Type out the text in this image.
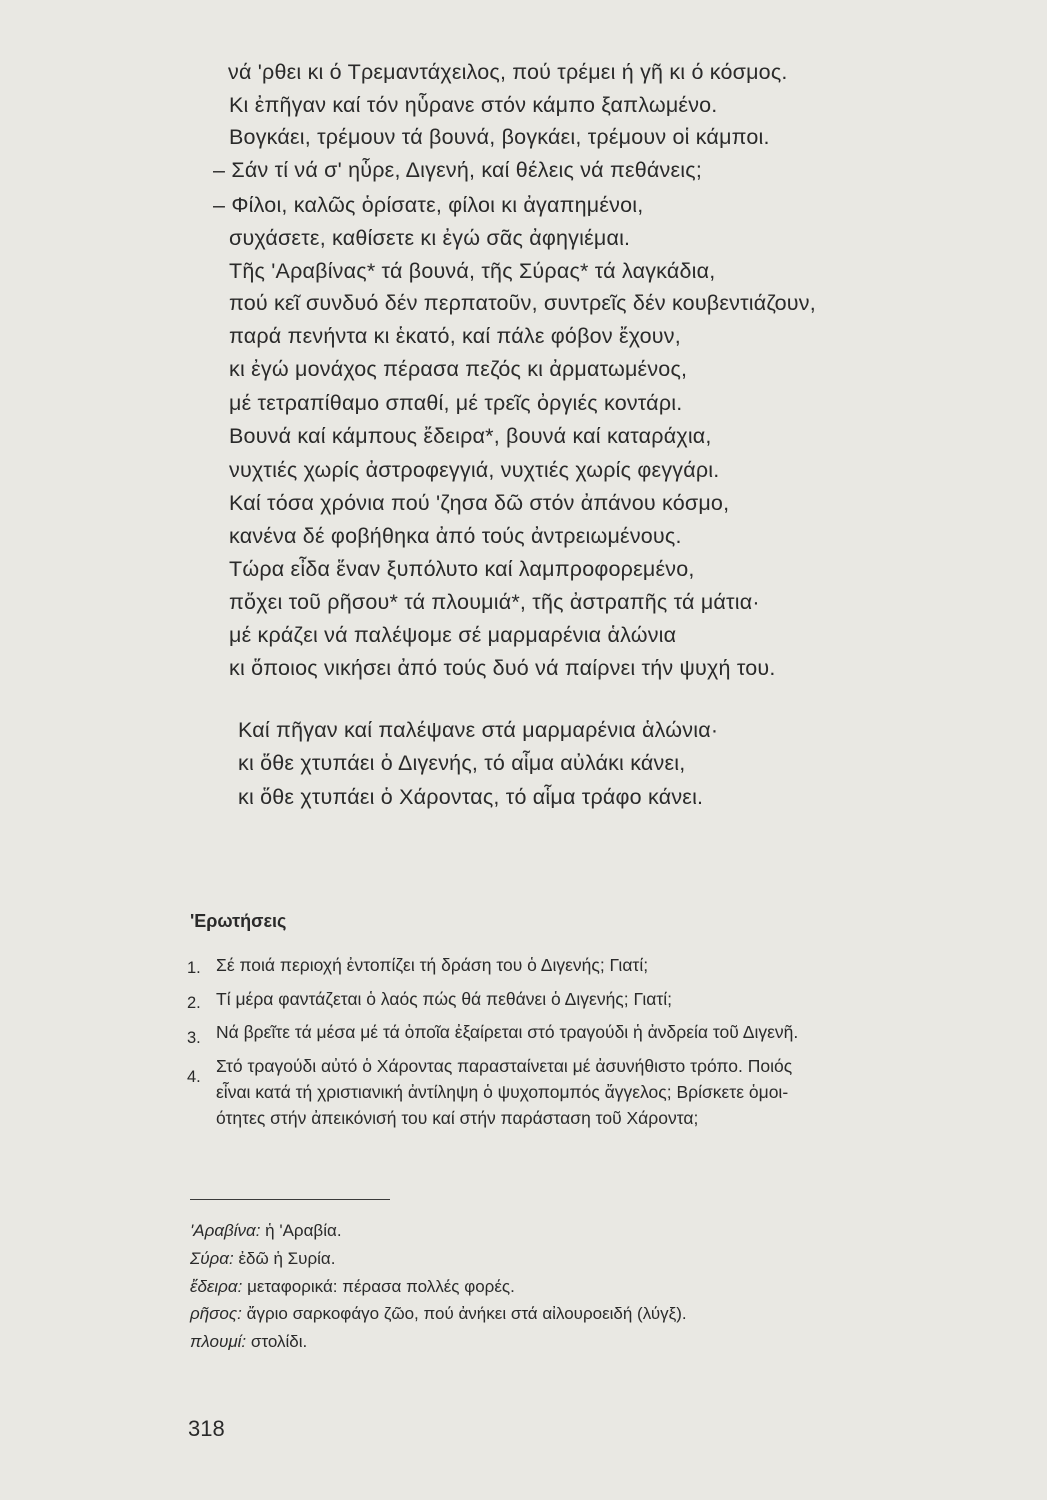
νά 'ρθει κι ό Τρεμαντάχειλος, πού τρέμει ή γῆ κι ό κόσμος.
Κι ἐπῆγαν καί τόν ηὗρανε στόν κάμπο ξαπλωμένο.
Βογκάει, τρέμουν τά βουνά, βογκάει, τρέμουν οἱ κάμποι.
– Σάν τί νά σ' ηὗρε, Διγενή, καί θέλεις νά πεθάνεις;
– Φίλοι, καλῶς ὁρίσατε, φίλοι κι ἀγαπημένοι,
συχάσετε, καθίσετε κι ἐγώ σᾶς ἀφηγιέμαι.
Τῆς 'Αραβίνας* τά βουνά, τῆς Σύρας* τά λαγκάδια,
πού κεῖ συνδυό δέν περπατοῦν, συντρεῖς δέν κουβεντιάζουν,
παρά πενήντα κι ἑκατό, καί πάλε φόβον ἔχουν,
κι ἐγώ μονάχος πέρασα πεζός κι ἀρματωμένος,
μέ τετραπίθαμο σπαθί, μέ τρεῖς ὀργιές κοντάρι.
Βουνά καί κάμπους ἔδειρα*, βουνά καί καταράχια,
νυχτιές χωρίς ἀστροφεγγιά, νυχτιές χωρίς φεγγάρι.
Καί τόσα χρόνια πού 'ζησα δῶ στόν ἀπάνου κόσμο,
κανένα δέ φοβήθηκα ἀπό τούς ἀντρειωμένους.
Τώρα εἶδα ἕναν ξυπόλυτο καί λαμπροφορεμένο,
πὄχει τοῦ ρῆσου* τά πλουμιά*, τῆς ἀστραπῆς τά μάτια·
μέ κράζει νά παλέψομε σέ μαρμαρένια ἁλώνια
κι ὅποιος νικήσει ἀπό τούς δυό νά παίρνει τήν ψυχή του.
Καί πῆγαν καί παλέψανε στά μαρμαρένια ἁλώνια·
κι ὅθε χτυπάει ὁ Διγενής, τό αἷμα αὐλάκι κάνει,
κι ὅθε χτυπάει ὁ Χάροντας, τό αἷμα τράφο κάνει.
'Ερωτήσεις
1. Σέ ποιά περιοχή ἐντοπίζει τή δράση του ὁ Διγενής; Γιατί;
2. Τί μέρα φαντάζεται ὁ λαός πώς θά πεθάνει ὁ Διγενής; Γιατί;
3. Νά βρεῖτε τά μέσα μέ τά ὁποῖα ἐξαίρεται στό τραγούδι ἡ ἀνδρεία τοῦ Διγενῆ.
4.
Στό τραγούδι αὐτό ὁ Χάροντας παρασταίνεται μέ ἀσυνήθιστο τρόπο. Ποιός
εἶναι κατά τή χριστιανική ἀντίληψη ὁ ψυχοπομπός ἄγγελος; Βρίσκετε ὁμοι-
ότητες στήν ἀπεικόνισή του καί στήν παράσταση τοῦ Χάροντα;
'Αραβίνα: ἡ 'Αραβία.
Σύρα: ἐδῶ ἡ Συρία.
ἔδειρα: μεταφορικά: πέρασα πολλές φορές.
ρῆσος: ἄγριο σαρκοφάγο ζῶο, πού ἀνήκει στά αἰλουροειδή (λύγξ).
πλουμί: στολίδι.
318
